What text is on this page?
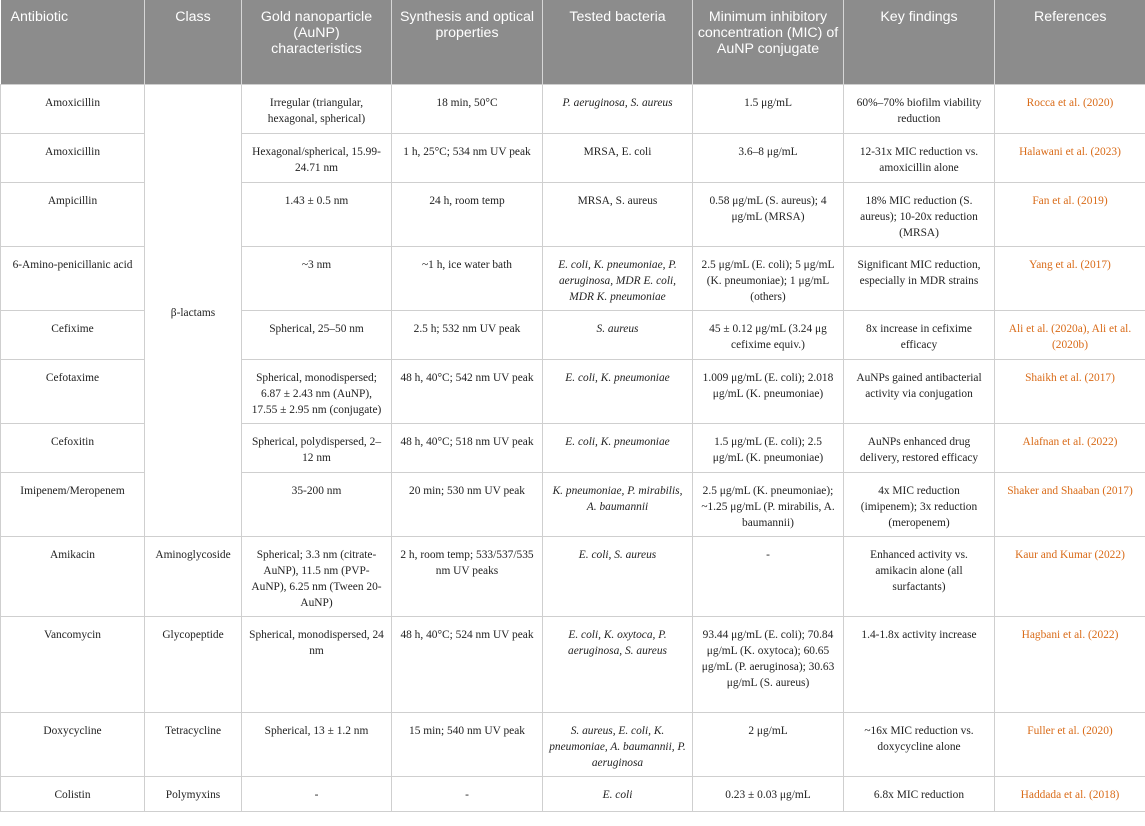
Antibiotic	Class	Gold nanoparticle (AuNP) characteristics	Synthesis and optical properties	Tested bacteria	Minimum inhibitory concentration (MIC) of AuNP conjugate	Key findings	References
Amoxicillin	β-lactams	Irregular (triangular, hexagonal, spherical)	18 min, 50°C	P. aeruginosa, S. aureus	1.5 μg/mL	60%–70% biofilm viability reduction	Rocca et al. (2020)
Amoxicillin		Hexagonal/spherical, 15.99-24.71 nm	1 h, 25°C; 534 nm UV peak	MRSA, E. coli	3.6–8 μg/mL	12-31x MIC reduction vs. amoxicillin alone	Halawani et al. (2023)
Ampicillin		1.43 ± 0.5 nm	24 h, room temp	MRSA, S. aureus	0.58 μg/mL (S. aureus); 4 μg/mL (MRSA)	18% MIC reduction (S. aureus); 10-20x reduction (MRSA)	Fan et al. (2019)
6-Amino-penicillanic acid		~3 nm	~1 h, ice water bath	E. coli, K. pneumoniae, P. aeruginosa, MDR E. coli, MDR K. pneumoniae	2.5 μg/mL (E. coli); 5 μg/mL (K. pneumoniae); 1 μg/mL (others)	Significant MIC reduction, especially in MDR strains	Yang et al. (2017)
Cefixime		Spherical, 25–50 nm	2.5 h; 532 nm UV peak	S. aureus	45 ± 0.12 μg/mL (3.24 μg cefixime equiv.)	8x increase in cefixime efficacy	Ali et al. (2020a), Ali et al. (2020b)
Cefotaxime		Spherical, monodispersed; 6.87 ± 2.43 nm (AuNP), 17.55 ± 2.95 nm (conjugate)	48 h, 40°C; 542 nm UV peak	E. coli, K. pneumoniae	1.009 μg/mL (E. coli); 2.018 μg/mL (K. pneumoniae)	AuNPs gained antibacterial activity via conjugation	Shaikh et al. (2017)
Cefoxitin		Spherical, polydispersed, 2–12 nm	48 h, 40°C; 518 nm UV peak	E. coli, K. pneumoniae	1.5 μg/mL (E. coli); 2.5 μg/mL (K. pneumoniae)	AuNPs enhanced drug delivery, restored efficacy	Alafnan et al. (2022)
Imipenem/Meropenem		35-200 nm	20 min; 530 nm UV peak	K. pneumoniae, P. mirabilis, A. baumannii	2.5 μg/mL (K. pneumoniae); ~1.25 μg/mL (P. mirabilis, A. baumannii)	4x MIC reduction (imipenem); 3x reduction (meropenem)	Shaker and Shaaban (2017)
Amikacin	Aminoglycoside	Spherical; 3.3 nm (citrate-AuNP), 11.5 nm (PVP-AuNP), 6.25 nm (Tween 20-AuNP)	2 h, room temp; 533/537/535 nm UV peaks	E. coli, S. aureus	-	Enhanced activity vs. amikacin alone (all surfactants)	Kaur and Kumar (2022)
Vancomycin	Glycopeptide	Spherical, monodispersed, 24 nm	48 h, 40°C; 524 nm UV peak	E. coli, K. oxytoca, P. aeruginosa, S. aureus	93.44 μg/mL (E. coli); 70.84 μg/mL (K. oxytoca); 60.65 μg/mL (P. aeruginosa); 30.63 μg/mL (S. aureus)	1.4-1.8x activity increase	Hagbani et al. (2022)
Doxycycline	Tetracycline	Spherical, 13 ± 1.2 nm	15 min; 540 nm UV peak	S. aureus, E. coli, K. pneumoniae, A. baumannii, P. aeruginosa	2 μg/mL	~16x MIC reduction vs. doxycycline alone	Fuller et al. (2020)
Colistin	Polymyxins	-	-	E. coli	0.23 ± 0.03 μg/mL	6.8x MIC reduction	Haddada et al. (2018)
